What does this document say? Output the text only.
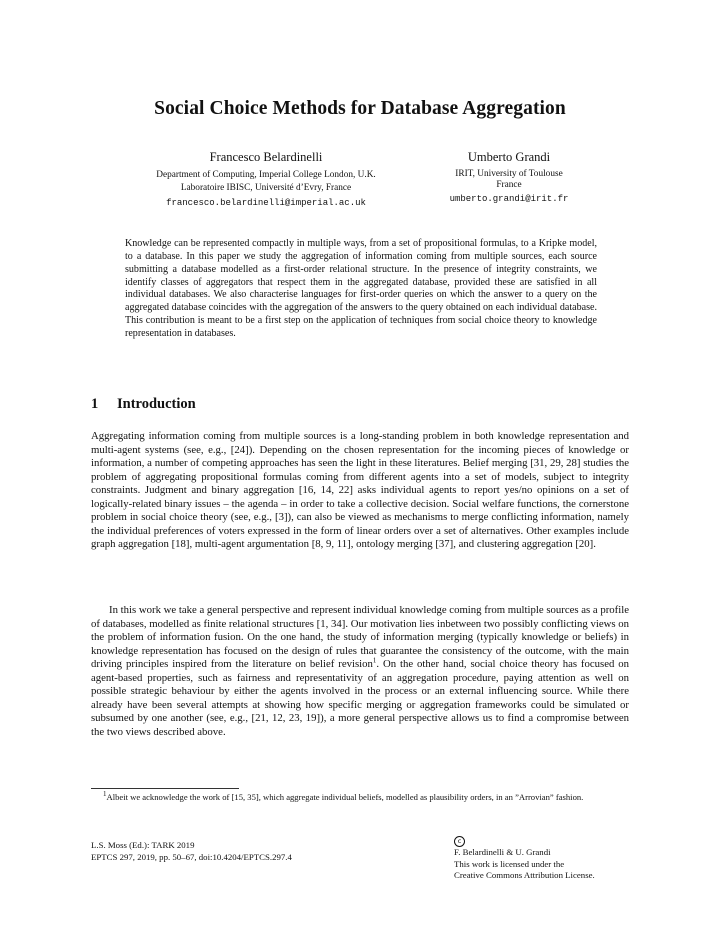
Social Choice Methods for Database Aggregation
Francesco Belardinelli
Department of Computing, Imperial College London, U.K.
Laboratoire IBISC, Université d’Evry, France
francesco.belardinelli@imperial.ac.uk
Umberto Grandi
IRIT, University of Toulouse
France
umberto.grandi@irit.fr
Knowledge can be represented compactly in multiple ways, from a set of propositional formulas, to a Kripke model, to a database. In this paper we study the aggregation of information coming from multiple sources, each source submitting a database modelled as a first-order relational structure. In the presence of integrity constraints, we identify classes of aggregators that respect them in the aggregated database, provided these are satisfied in all individual databases. We also characterise languages for first-order queries on which the answer to a query on the aggregated database coincides with the aggregation of the answers to the query obtained on each individual database. This contribution is meant to be a first step on the application of techniques from social choice theory to knowledge representation in databases.
1 Introduction

Aggregating information coming from multiple sources is a long-standing problem in both knowledge representation and multi-agent systems (see, e.g., [24]). Depending on the chosen representation for the incoming pieces of knowledge or information, a number of competing approaches has seen the light in these literatures. Belief merging [31, 29, 28] studies the problem of aggregating propositional formulas coming from different agents into a set of models, subject to integrity constraints. Judgment and binary aggregation [16, 14, 22] asks individual agents to report yes/no opinions on a set of logically-related binary issues – the agenda – in order to take a collective decision. Social welfare functions, the cornerstone problem in social choice theory (see, e.g., [3]), can also be viewed as mechanisms to merge conflicting information, namely the individual preferences of voters expressed in the form of linear orders over a set of alternatives. Other examples include graph aggregation [18], multi-agent argumentation [8, 9, 11], ontology merging [37], and clustering aggregation [20].

In this work we take a general perspective and represent individual knowledge coming from multiple sources as a profile of databases, modelled as finite relational structures [1, 34]. Our motivation lies inbetween two possibly conflicting views on the problem of information fusion. On the one hand, the study of information merging (typically knowledge or beliefs) in knowledge representation has focused on the design of rules that guarantee the consistency of the outcome, with the main driving principles inspired from the literature on belief revision$^1$. On the other hand, social choice theory has focused on agent-based properties, such as fairness and representativity of an aggregation procedure, paying attention as well on possible strategic behaviour by either the agents involved in the process or an external influencing source. While there already have been several attempts at showing how specific merging or aggregation frameworks could be simulated or subsumed by one another (see, e.g., [21, 12, 23, 19]), a more general perspective allows us to find a compromise between the two views described above.

$^1$Albeit we acknowledge the work of [15, 35], which aggregate individual beliefs, modelled as plausibility orders, in an ”Arrovian” fashion.
L.S. Moss (Ed.): TARK 2019
EPTCS 297, 2019, pp. 50–67, doi:10.4204/EPTCS.297.4
c
F. Belardinelli & U. Grandi
This work is licensed under the
Creative Commons Attribution License.
